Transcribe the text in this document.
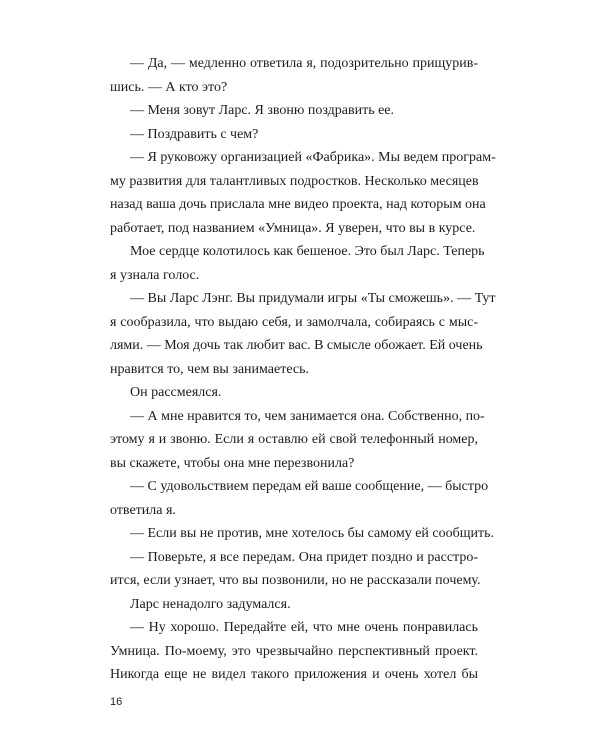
— Да, — медленно ответила я, подозрительно прищурив-
шись. — А кто это?
— Меня зовут Ларс. Я звоню поздравить ее.
— Поздравить с чем?
— Я руковожу организацией «Фабрика». Мы ведем програм-
му развития для талантливых подростков. Несколько месяцев
назад ваша дочь прислала мне видео проекта, над которым она
работает, под названием «Умница». Я уверен, что вы в курсе.
Мое сердце колотилось как бешеное. Это был Ларс. Теперь
я узнала голос.
— Вы Ларс Лэнг. Вы придумали игры «Ты сможешь». — Тут
я сообразила, что выдаю себя, и замолчала, собираясь с мыс-
лями. — Моя дочь так любит вас. В смысле обожает. Ей очень
нравится то, чем вы занимаетесь.
Он рассмеялся.
— А мне нравится то, чем занимается она. Собственно, по-
этому я и звоню. Если я оставлю ей свой телефонный номер,
вы скажете, чтобы она мне перезвонила?
— С удовольствием передам ей ваше сообщение, — быстро
ответила я.
— Если вы не против, мне хотелось бы самому ей сообщить.
— Поверьте, я все передам. Она придет поздно и расстро-
ится, если узнает, что вы позвонили, но не рассказали почему.
Ларс ненадолго задумался.
— Ну хорошо. Передайте ей, что мне очень понравилась
Умница. По-моему, это чрезвычайно перспективный проект.
Никогда еще не видел такого приложения и очень хотел бы
16
